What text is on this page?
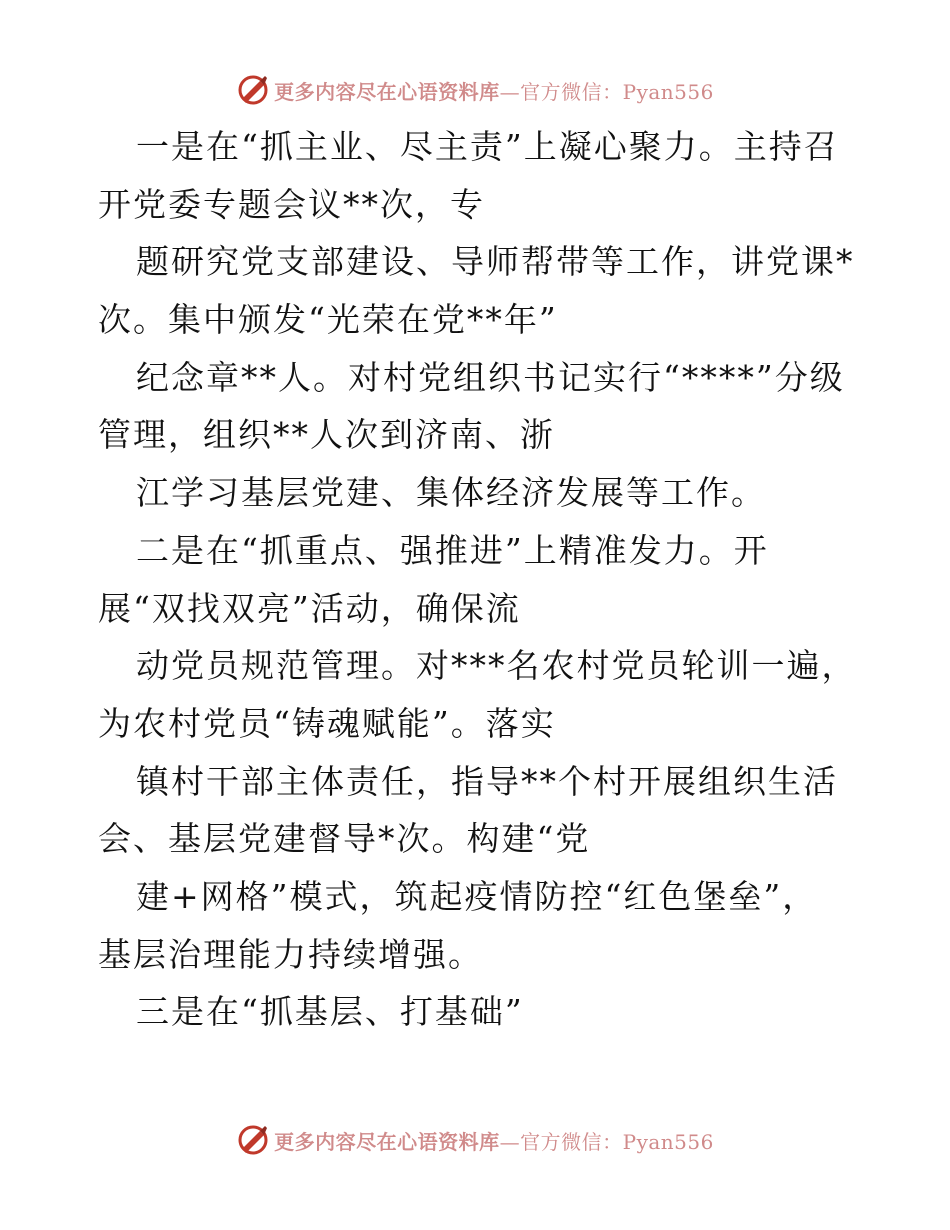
更多内容尽在心语资料库—官方微信：Pyan556
一是在“抓主业、尽主责”上凝心聚力。主持召
开党委专题会议**次，专
题研究党支部建设、导师帮带等工作，讲党课*
次。集中颁发“光荣在党**年”
纪念章**人。对村党组织书记实行“****”分级
管理，组织**人次到济南、浙
江学习基层党建、集体经济发展等工作。
二是在“抓重点、强推进”上精准发力。开
展“双找双亮”活动，确保流
动党员规范管理。对***名农村党员轮训一遍，
为农村党员“铸魂赋能”。落实
镇村干部主体责任，指导**个村开展组织生活
会、基层党建督导*次。构建“党
建+网格”模式，筑起疫情防控“红色堡垒”，
基层治理能力持续增强。
三是在“抓基层、打基础”
更多内容尽在心语资料库—官方微信：Pyan556
